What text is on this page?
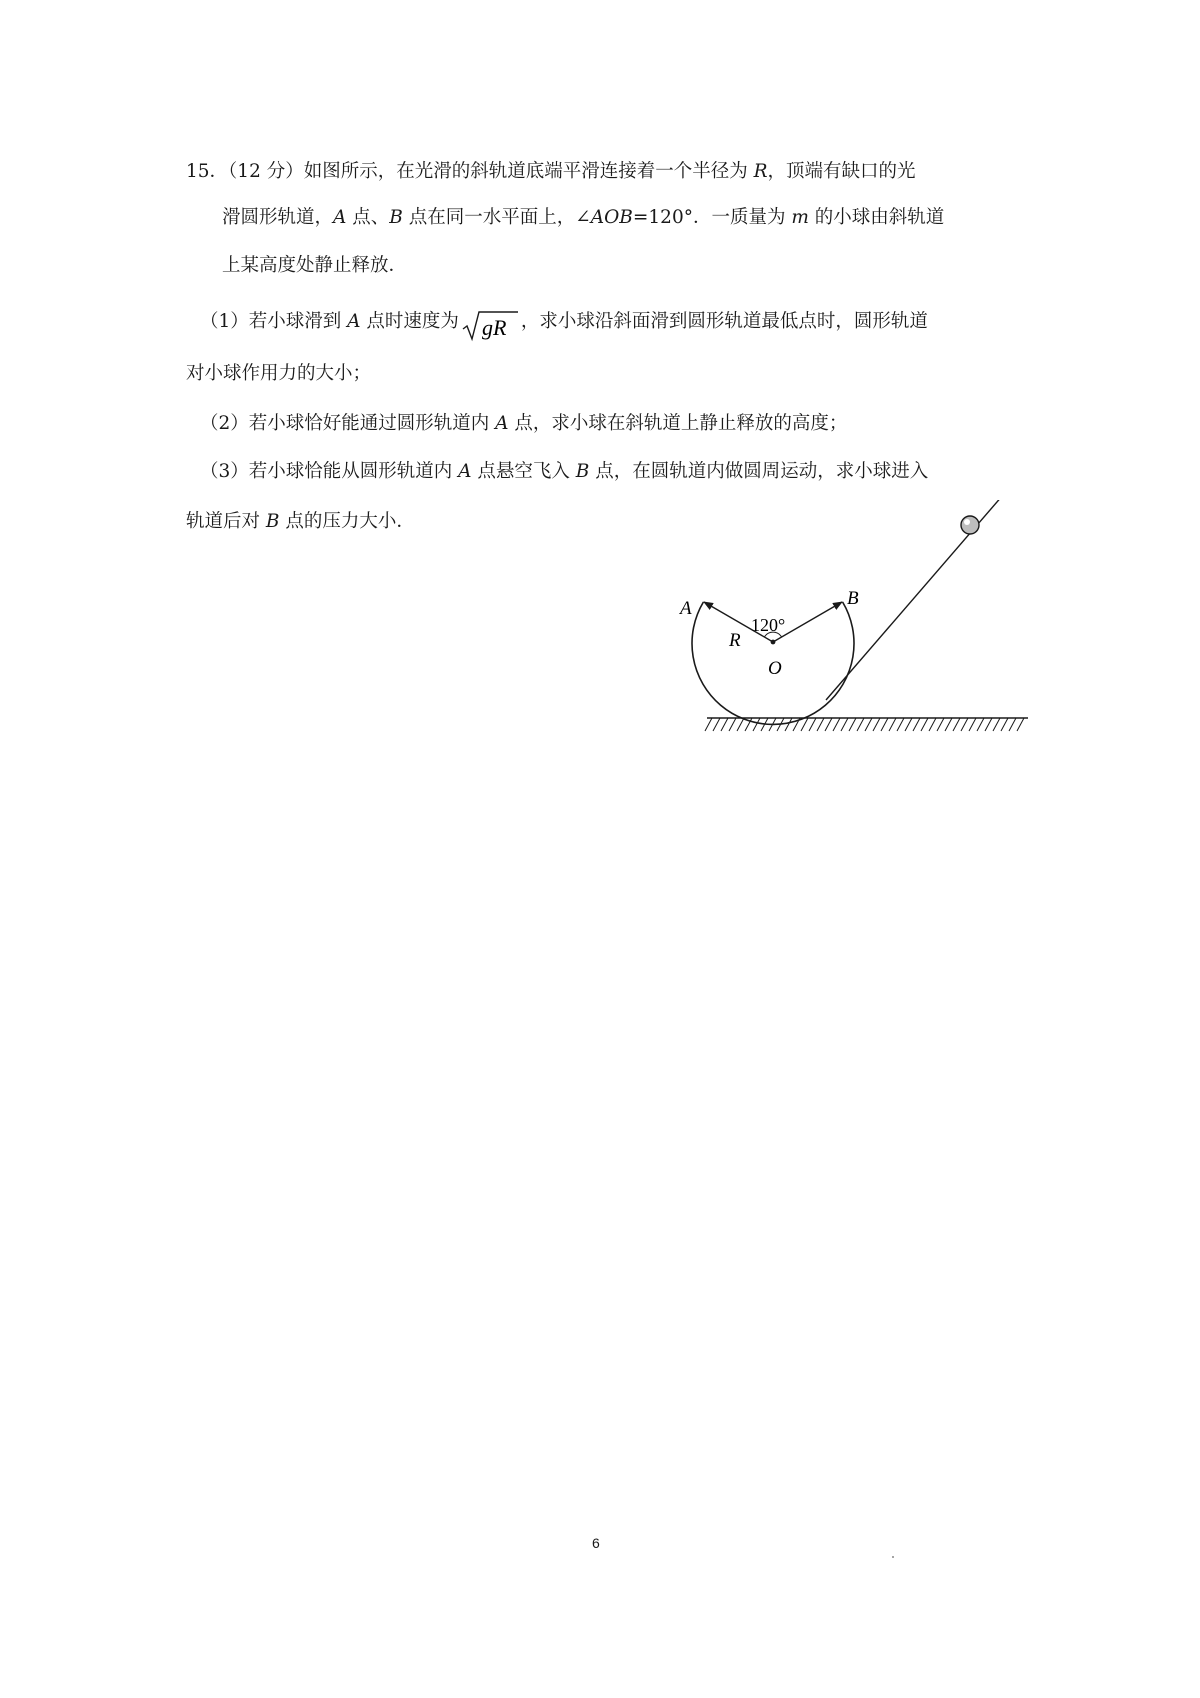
15．（12 分）如图所示，在光滑的斜轨道底端平滑连接着一个半径为 R，顶端有缺口的光
滑圆形轨道，A 点、B 点在同一水平面上，∠AOB=120°．一质量为 m 的小球由斜轨道
上某高度处静止释放．
（1）若小球滑到 A 点时速度为 gR ，求小球沿斜面滑到圆形轨道最低点时，圆形轨道
对小球作用力的大小；
（2）若小球恰好能通过圆形轨道内 A 点，求小球在斜轨道上静止释放的高度；
（3）若小球恰能从圆形轨道内 A 点悬空飞入 B 点，在圆轨道内做圆周运动，求小球进入
轨道后对 B 点的压力大小．
A	B
R
O
120°
6
